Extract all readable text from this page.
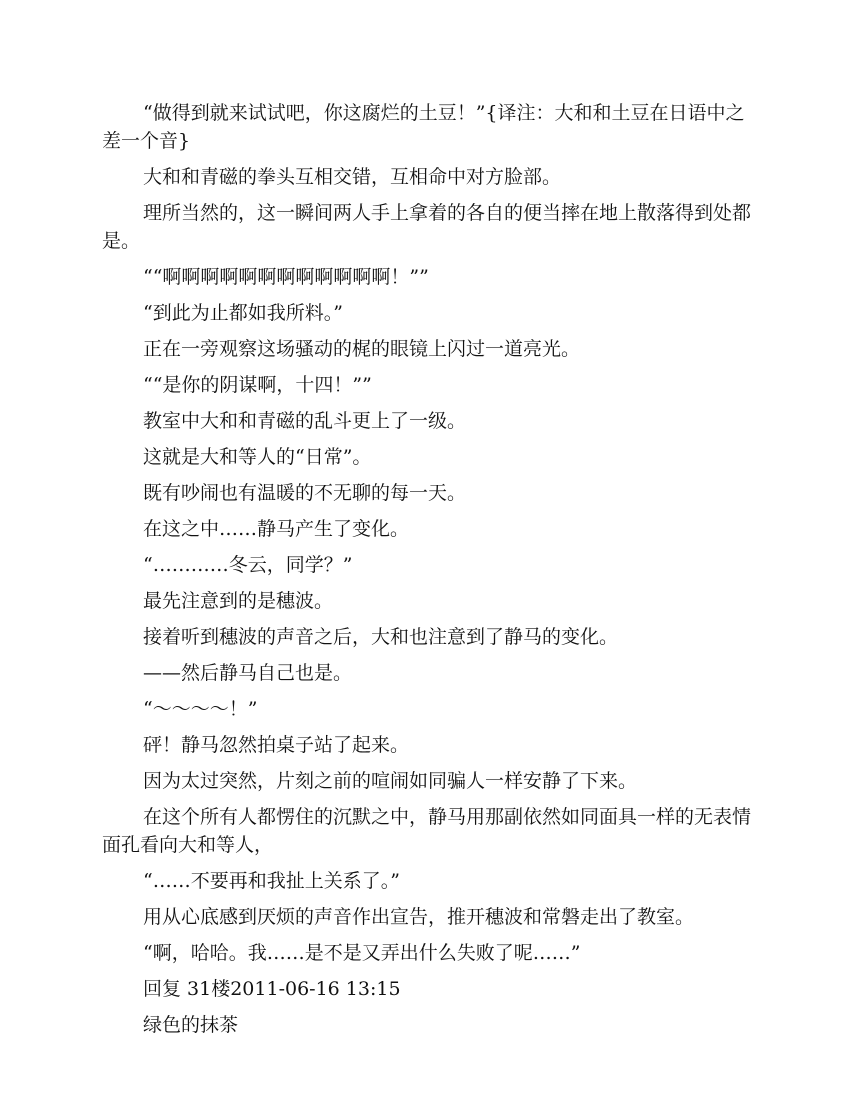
“做得到就来试试吧，你这腐烂的土豆！”{译注：大和和土豆在日语中之差一个音}

大和和青磁的拳头互相交错，互相命中对方脸部。

理所当然的，这一瞬间两人手上拿着的各自的便当摔在地上散落得到处都是。

““啊啊啊啊啊啊啊啊啊啊啊啊！””

“到此为止都如我所料。”

正在一旁观察这场骚动的梶的眼镜上闪过一道亮光。

““是你的阴谋啊，十四！””

教室中大和和青磁的乱斗更上了一级。

这就是大和等人的“日常”。

既有吵闹也有温暖的不无聊的每一天。

在这之中……静马产生了变化。

“…………冬云，同学？”

最先注意到的是穗波。

接着听到穗波的声音之后，大和也注意到了静马的变化。

——然后静马自己也是。

“～～～～！”

砰！静马忽然拍桌子站了起来。

因为太过突然，片刻之前的喧闹如同骗人一样安静了下来。

在这个所有人都愣住的沉默之中，静马用那副依然如同面具一样的无表情面孔看向大和等人，

“……不要再和我扯上关系了。”

用从心底感到厌烦的声音作出宣告，推开穗波和常磐走出了教室。

“啊，哈哈。我……是不是又弄出什么失败了呢……”

回复 31楼2011-06-16 13:15

绿色的抹茶
